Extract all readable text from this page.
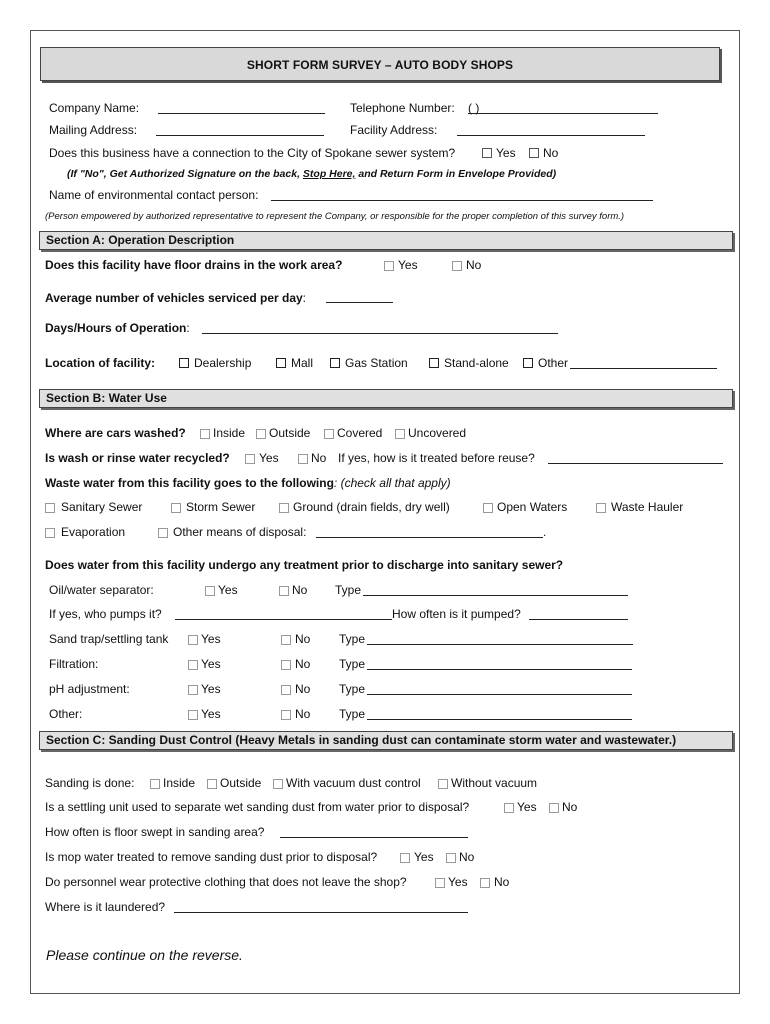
SHORT FORM SURVEY – AUTO BODY SHOPS
Company Name:	Telephone Number: ( )
Mailing Address:	Facility Address:
Does this business have a connection to the City of Spokane sewer system?	Yes No
(If "No", Get Authorized Signature on the back, Stop Here, and Return Form in Envelope Provided)
Name of environmental contact person:
(Person empowered by authorized representative to represent the Company, or responsible for the proper completion of this survey form.)
Section A: Operation Description
Does this facility have floor drains in the work area?	Yes	No
Average number of vehicles serviced per day:
Days/Hours of Operation:
Location of facility:	Dealership	Mall	Gas Station	Stand-alone Other
Section B: Water Use
Where are cars washed? Inside Outside Covered Uncovered
Is wash or rinse water recycled? Yes	No If yes, how is it treated before reuse?
Waste water from this facility goes to the following: (check all that apply)
Sanitary Sewer	Storm Sewer	Ground (drain fields, dry well)	Open Waters	Waste Hauler
Evaporation	Other means of disposal:	.
Does water from this facility undergo any treatment prior to discharge into sanitary sewer?
Oil/water separator:	Yes	No Type
If yes, who pumps it?	How often is it pumped?
Sand trap/settling tank	Yes	No Type
Filtration:	Yes	No Type
pH adjustment:	Yes	No Type
Other:	Yes	No Type
Section C: Sanding Dust Control (Heavy Metals in sanding dust can contaminate storm water and wastewater.)
Sanding is done: Inside Outside With vacuum dust control	Without vacuum
Is a settling unit used to separate wet sanding dust from water prior to disposal?	Yes No
How often is floor swept in sanding area?
Is mop water treated to remove sanding dust prior to disposal?	Yes No
Do personnel wear protective clothing that does not leave the shop?	Yes No
Where is it laundered?
Please continue on the reverse.
